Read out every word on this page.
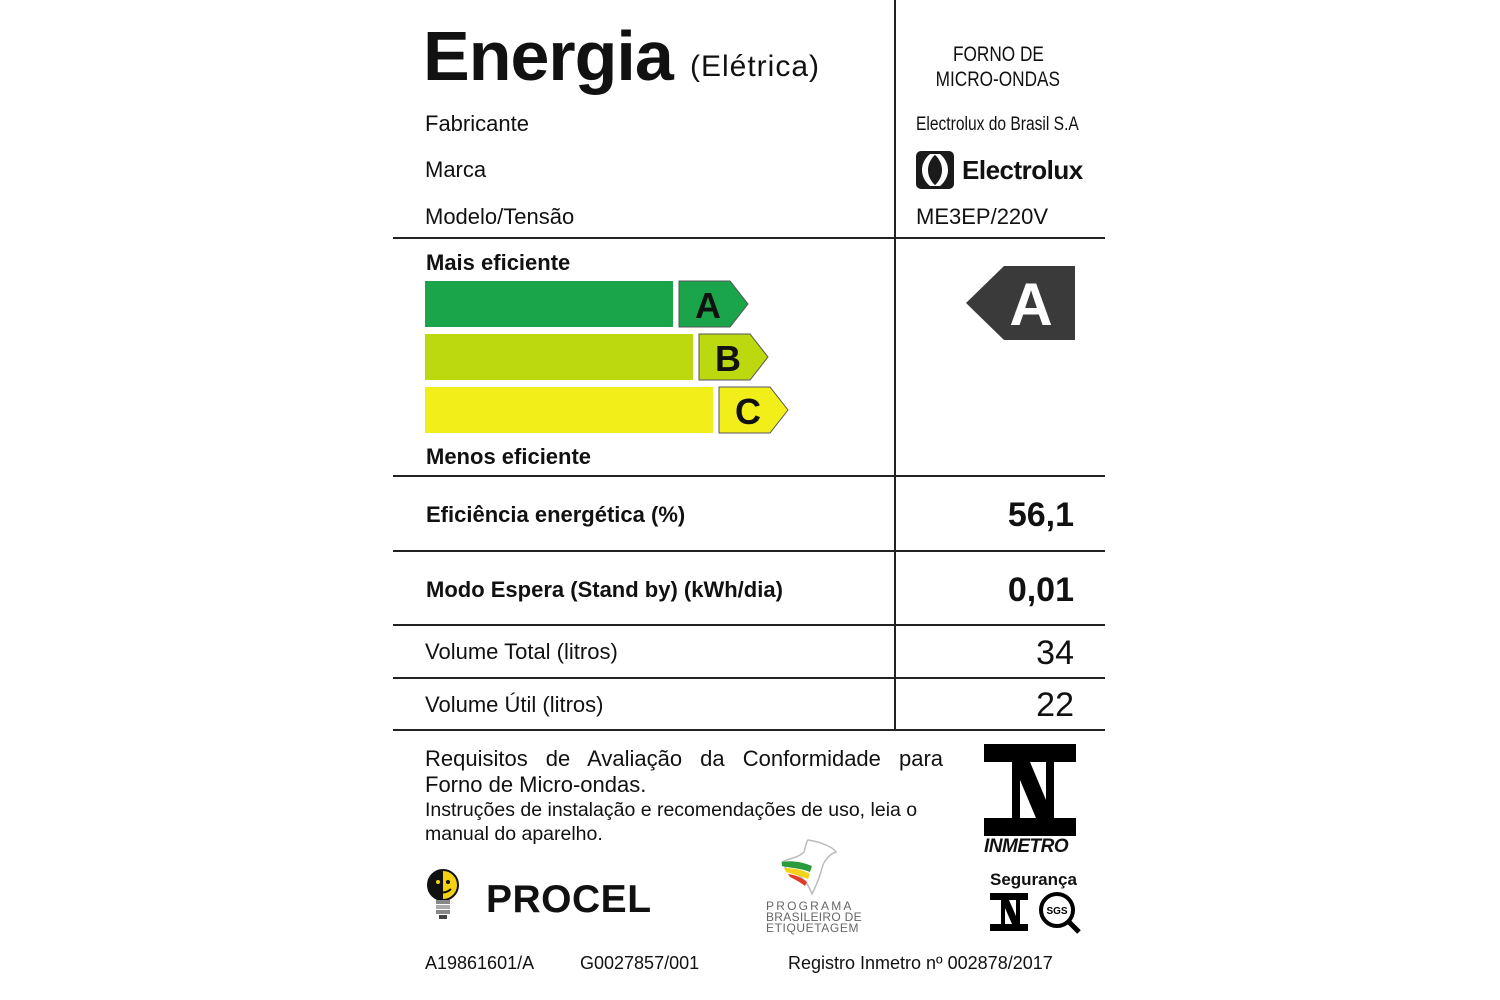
Energia (Elétrica)	FORNO DE
MICRO-ONDAS
Fabricante	Electrolux do Brasil S.A
Marca	Electrolux
Modelo/Tensão	ME3EP/220V
Mais eficiente
A
B
C
Menos eficiente
A
Eficiência energética (%)	56,1
Modo Espera (Stand by) (kWh/dia)	0,01
Volume Total (litros)	34
Volume Útil (litros)	22
Requisitos de Avaliação da Conformidade para
Forno de Micro-ondas.
Instruções de instalação e recomendações de uso, leia o
manual do aparelho.
INMETRO
Segurança
SGS
PROCEL	PROGRAMA
BRASILEIRO DE
ETIQUETAGEM
A19861601/A	G0027857/001	Registro Inmetro nº 002878/2017
